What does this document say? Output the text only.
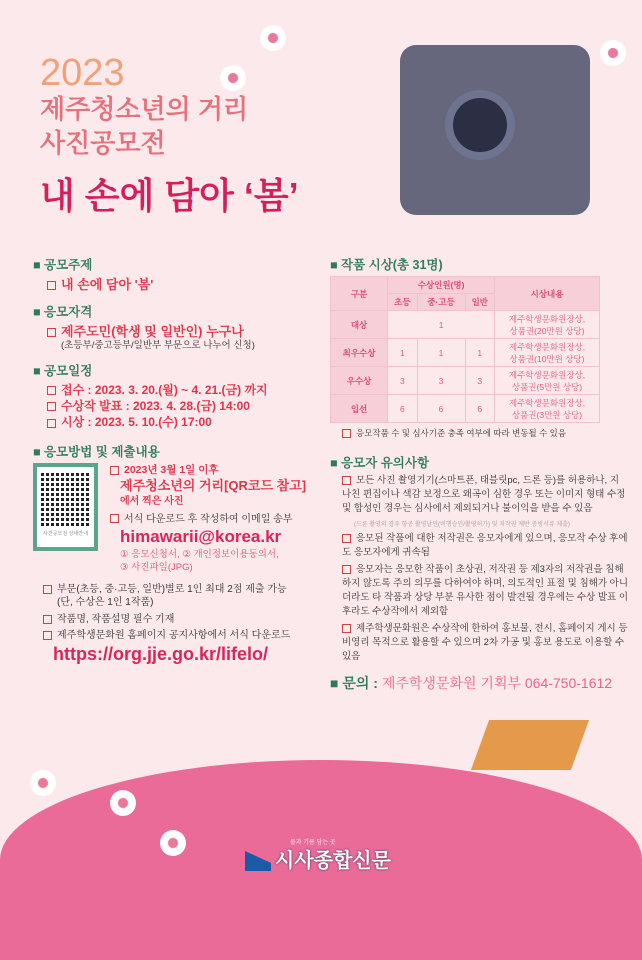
2023
제주청소년의 거리
사진공모전
내 손에 담아 ‘봄’
■ 공모주제
내 손에 담아 '봄'
■ 응모자격
제주도민(학생 및 일반인) 누구나
(초등부/중고등부/일반부 부문으로 나누어 신청)
■ 공모일정
접수 : 2023. 3. 20.(월) ~ 4. 21.(금) 까지
수상작 발표 : 2023. 4. 28.(금) 14:00
시상 : 2023. 5. 10.(수) 17:00
■ 응모방법 및 제출내용
사진공모전 상세안내
2023년 3월 1일 이후
제주청소년의 거리[QR코드 참고]
에서 찍은 사진
서식 다운로드 후 작성하여 이메일 송부
himawarii@korea.kr
① 응모신청서, ② 개인정보이용동의서,
③ 사진파일(JPG)
부문(초등, 중·고등, 일반)별로 1인 최대 2점 제출 가능
(단, 수상은 1인 1작품)
작품명, 작품설명 필수 기재
제주학생문화원 홈페이지 공지사항에서 서식 다운로드
https://org.jje.go.kr/lifelo/
■ 작품 시상(총 31명)
구분	수상인원(명)			시상내용
	초등	중·고등	일반	
대상	1			제주학생문화원장상,
상품권(20만원 상당)
최우수상	1	1	1	제주학생문화원장상,
상품권(10만원 상당)
우수상	3	3	3	제주학생문화원장상,
상품권(5만원 상당)
입선	6	6	6	제주학생문화원장상,
상품권(3만원 상당)
응모작품 수 및 심사기준 충족 여부에 따라 변동될 수 있음
■ 응모자 유의사항
모든 사진 촬영기기(스마트폰, 태블릿pc, 드론 등)를 허용하나, 지나친 편집이나 색감 보정으로 왜곡이 심한 경우 또는 이미지 형태 수정 및 합성인 경우는 심사에서 제외되거나 불이익을 받을 수 있음
(드론 촬영의 경우 항공 촬영날인(비행승인/촬영허가) 및 저작권 제반 증빙서류 제출)
응모된 작품에 대한 저작권은 응모자에게 있으며, 응모작 수상 후에도 응모자에게 귀속됨
응모자는 응모한 작품이 초상권, 저작권 등 제3자의 저작권을 침해하지 않도록 주의 의무를 다하여야 하며, 의도적인 표절 및 침해가 아니더라도 타 작품과 상당 부분 유사한 점이 발견될 경우에는 수상 발표 이후라도 수상작에서 제외함
제주학생문화원은 수상작에 한하여 홍보물, 전시, 홈페이지 게시 등 비영리 목적으로 활용할 수 있으며 2차 가공 및 홍보 용도로 이용할 수 있음
■ 문의 : 제주학생문화원 기획부 064-750-1612
물과 기름 담는 곳
시사종합신문
